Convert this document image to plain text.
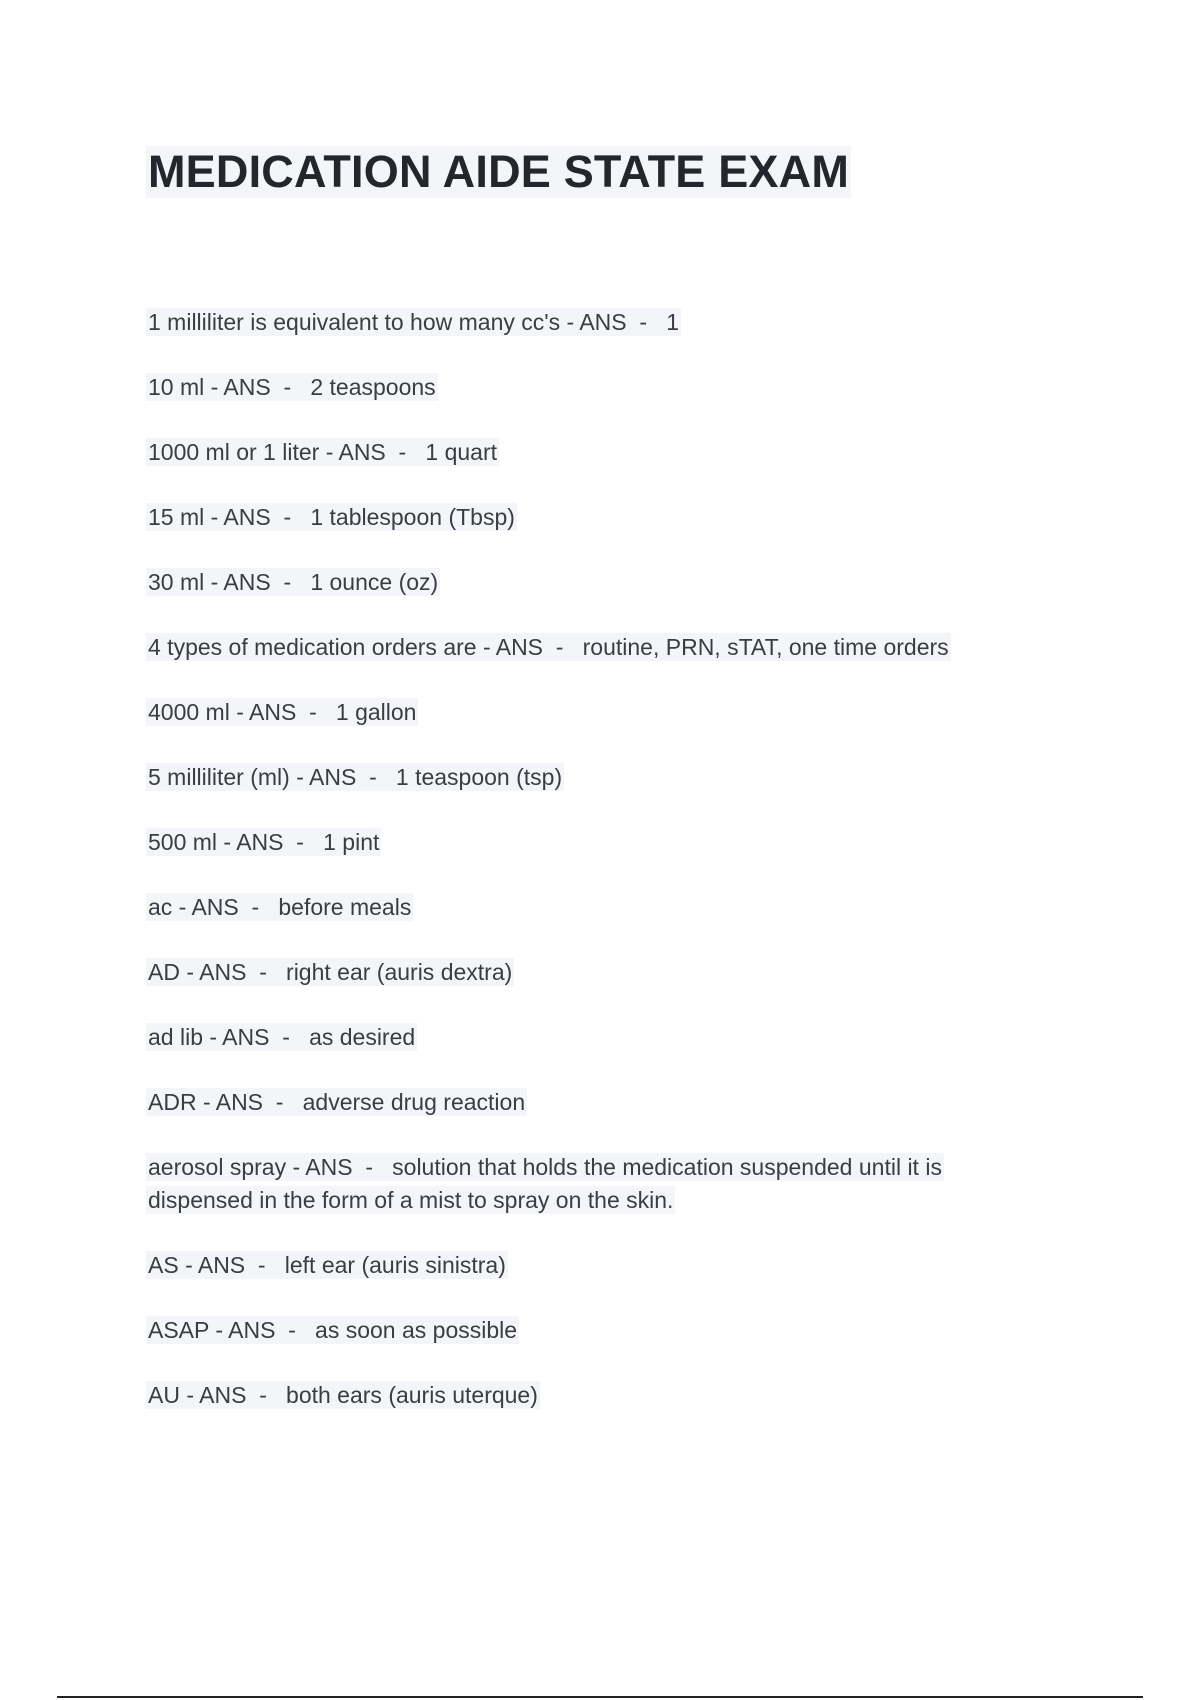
MEDICATION AIDE STATE EXAM
1 milliliter is equivalent to how many cc's - ANS  -   1
10 ml - ANS  -   2 teaspoons
1000 ml or 1 liter - ANS  -   1 quart
15 ml - ANS  -   1 tablespoon (Tbsp)
30 ml - ANS  -   1 ounce (oz)
4 types of medication orders are - ANS  -   routine, PRN, sTAT, one time orders
4000 ml - ANS  -   1 gallon
5 milliliter (ml) - ANS  -   1 teaspoon (tsp)
500 ml - ANS  -   1 pint
ac - ANS  -   before meals
AD - ANS  -   right ear (auris dextra)
ad lib - ANS  -   as desired
ADR - ANS  -   adverse drug reaction
aerosol spray - ANS  -   solution that holds the medication suspended until it is dispensed in the form of a mist to spray on the skin.
AS - ANS  -   left ear (auris sinistra)
ASAP - ANS  -   as soon as possible
AU - ANS  -   both ears (auris uterque)
